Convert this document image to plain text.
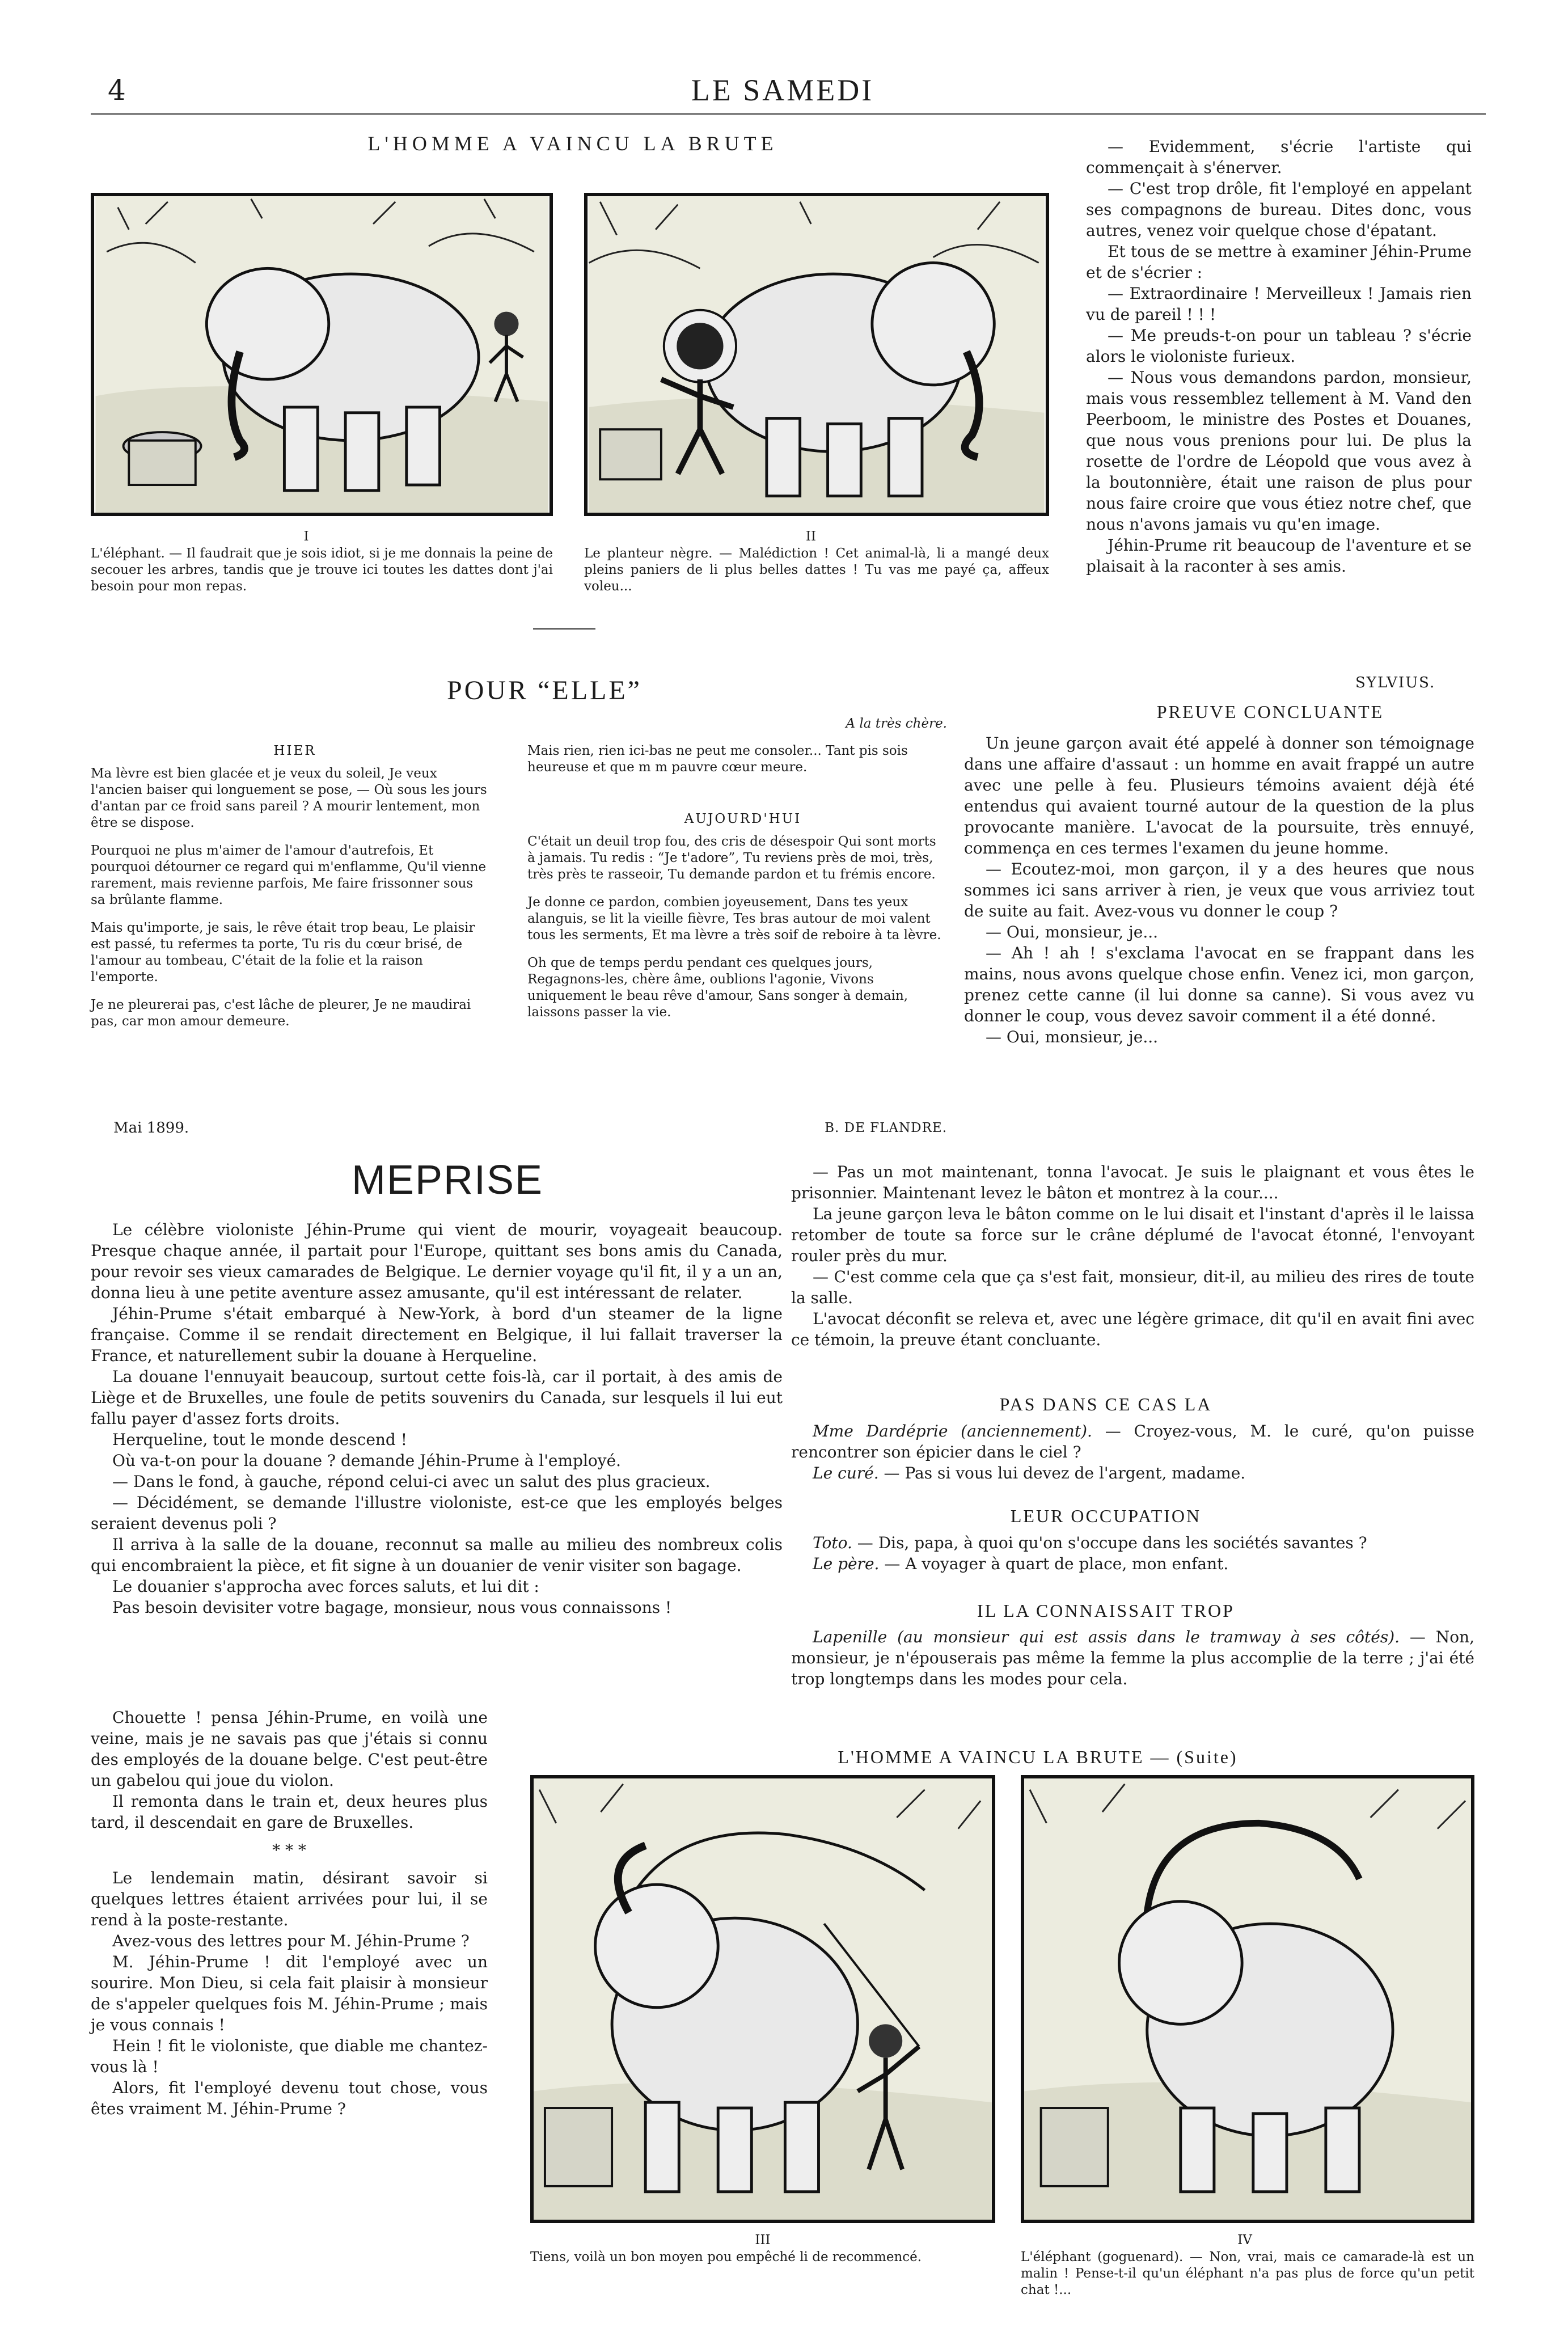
4	LE SAMEDI
L'HOMME A VAINCU LA BRUTE
I
L'éléphant. — Il faudrait que je sois idiot, si je me donnais la peine de secouer les arbres, tandis que je trouve ici toutes les dattes dont j'ai besoin pour mon repas.
II
Le planteur nègre. — Malédiction ! Cet animal-là, li a mangé deux pleins paniers de li plus belles dattes ! Tu vas me payé ça, affeux voleu...

— Evidemment, s'écrie l'artiste qui commençait à s'énerver.

— C'est trop drôle, fit l'employé en appelant ses compagnons de bureau. Dites donc, vous autres, venez voir quelque chose d'épatant.

Et tous de se mettre à examiner Jéhin-Prume et de s'écrier :

— Extraordinaire ! Merveilleux ! Jamais rien vu de pareil ! ! !

— Me preuds-t-on pour un tableau ? s'écrie alors le violoniste furieux.

— Nous vous demandons pardon, monsieur, mais vous ressemblez tellement à M. Vand den Peerboom, le ministre des Postes et Douanes, que nous vous prenions pour lui. De plus la rosette de l'ordre de Léopold que vous avez à la boutonnière, était une raison de plus pour nous faire croire que vous étiez notre chef, que nous n'avons jamais vu qu'en image.

Jéhin-Prume rit beaucoup de l'aventure et se plaisait à la raconter à ses amis.

SYLVIUS.
PREUVE CONCLUANTE

Un jeune garçon avait été appelé à donner son témoignage dans une affaire d'assaut : un homme en avait frappé un autre avec une pelle à feu. Plusieurs témoins avaient déjà été entendus qui avaient tourné autour de la question de la plus provocante manière. L'avocat de la poursuite, très ennuyé, commença en ces termes l'examen du jeune homme.

— Ecoutez-moi, mon garçon, il y a des heures que nous sommes ici sans arriver à rien, je veux que vous arriviez tout de suite au fait. Avez-vous vu donner le coup ?

— Oui, monsieur, je...

— Ah ! ah ! s'exclama l'avocat en se frappant dans les mains, nous avons quelque chose enfin. Venez ici, mon garçon, prenez cette canne (il lui donne sa canne). Si vous avez vu donner le coup, vous devez savoir comment il a été donné.

— Oui, monsieur, je...

— Pas un mot maintenant, tonna l'avocat. Je suis le plaignant et vous êtes le prisonnier. Maintenant levez le bâton et montrez à la cour....

La jeune garçon leva le bâton comme on le lui disait et l'instant d'après il le laissa retomber de toute sa force sur le crâne déplumé de l'avocat étonné, l'envoyant rouler près du mur.

— C'est comme cela que ça s'est fait, monsieur, dit-il, au milieu des rires de toute la salle.

L'avocat déconfit se releva et, avec une légère grimace, dit qu'il en avait fini avec ce témoin, la preuve étant concluante.

POUR “ELLE”
A la très chère.
HIER

Ma lèvre est bien glacée et je veux du soleil, Je veux l'ancien baiser qui longuement se pose, — Où sous les jours d'antan par ce froid sans pareil ? A mourir lentement, mon être se dispose.

Pourquoi ne plus m'aimer de l'amour d'autrefois, Et pourquoi détourner ce regard qui m'enflamme, Qu'il vienne rarement, mais revienne parfois, Me faire frissonner sous sa brûlante flamme.

Mais qu'importe, je sais, le rêve était trop beau, Le plaisir est passé, tu refermes ta porte, Tu ris du cœur brisé, de l'amour au tombeau, C'était de la folie et la raison l'emporte.

Je ne pleurerai pas, c'est lâche de pleurer, Je ne maudirai pas, car mon amour demeure.

Mai 1899.
Mais rien, rien ici-bas ne peut me consoler... Tant pis sois heureuse et que m m pauvre cœur meure.
AUJOURD'HUI

C'était un deuil trop fou, des cris de désespoir Qui sont morts à jamais. Tu redis : “Je t'adore”, Tu reviens près de moi, très, très près te rasseoir, Tu demande pardon et tu frémis encore.

Je donne ce pardon, combien joyeusement, Dans tes yeux alanguis, se lit la vieille fièvre, Tes bras autour de moi valent tous les serments, Et ma lèvre a très soif de reboire à ta lèvre.

Oh que de temps perdu pendant ces quelques jours, Regagnons-les, chère âme, oublions l'agonie, Vivons uniquement le beau rêve d'amour, Sans songer à demain, laissons passer la vie.

B. DE FLANDRE.
MEPRISE

Le célèbre violoniste Jéhin-Prume qui vient de mourir, voyageait beaucoup. Presque chaque année, il partait pour l'Europe, quittant ses bons amis du Canada, pour revoir ses vieux camarades de Belgique. Le dernier voyage qu'il fit, il y a un an, donna lieu à une petite aventure assez amusante, qu'il est intéressant de relater.

Jéhin-Prume s'était embarqué à New-York, à bord d'un steamer de la ligne française. Comme il se rendait directement en Belgique, il lui fallait traverser la France, et naturellement subir la douane à Herqueline.

La douane l'ennuyait beaucoup, surtout cette fois-là, car il portait, à des amis de Liège et de Bruxelles, une foule de petits souvenirs du Canada, sur lesquels il lui eut fallu payer d'assez forts droits.

Herqueline, tout le monde descend !

Où va-t-on pour la douane ? demande Jéhin-Prume à l'employé.

— Dans le fond, à gauche, répond celui-ci avec un salut des plus gracieux.

— Décidément, se demande l'illustre violoniste, est-ce que les employés belges seraient devenus poli ?

Il arriva à la salle de la douane, reconnut sa malle au milieu des nombreux colis qui encombraient la pièce, et fit signe à un douanier de venir visiter son bagage.

Le douanier s'approcha avec forces saluts, et lui dit :

Pas besoin devisiter votre bagage, monsieur, nous vous connaissons !

Chouette ! pensa Jéhin-Prume, en voilà une veine, mais je ne savais pas que j'étais si connu des employés de la douane belge. C'est peut-être un gabelou qui joue du violon.

Il remonta dans le train et, deux heures plus tard, il descendait en gare de Bruxelles.

* * *

Le lendemain matin, désirant savoir si quelques lettres étaient arrivées pour lui, il se rend à la poste-restante.

Avez-vous des lettres pour M. Jéhin-Prume ?

M. Jéhin-Prume ! dit l'employé avec un sourire. Mon Dieu, si cela fait plaisir à monsieur de s'appeler quelques fois M. Jéhin-Prume ; mais je vous connais !

Hein ! fit le violoniste, que diable me chantez-vous là !

Alors, fit l'employé devenu tout chose, vous êtes vraiment M. Jéhin-Prume ?

PAS DANS CE CAS LA

Mme Dardéprie (anciennement). — Croyez-vous, M. le curé, qu'on puisse rencontrer son épicier dans le ciel ?

Le curé. — Pas si vous lui devez de l'argent, madame.

LEUR OCCUPATION

Toto. — Dis, papa, à quoi qu'on s'occupe dans les sociétés savantes ?

Le père. — A voyager à quart de place, mon enfant.

IL LA CONNAISSAIT TROP

Lapenille (au monsieur qui est assis dans le tramway à ses côtés). — Non, monsieur, je n'épouserais pas même la femme la plus accomplie de la terre ; j'ai été trop longtemps dans les modes pour cela.

L'HOMME A VAINCU LA BRUTE — (Suite)
III
Tiens, voilà un bon moyen pou empêché li de recommencé.
IV
L'éléphant (goguenard). — Non, vrai, mais ce camarade-là est un malin ! Pense-t-il qu'un éléphant n'a pas plus de force qu'un petit chat !...
